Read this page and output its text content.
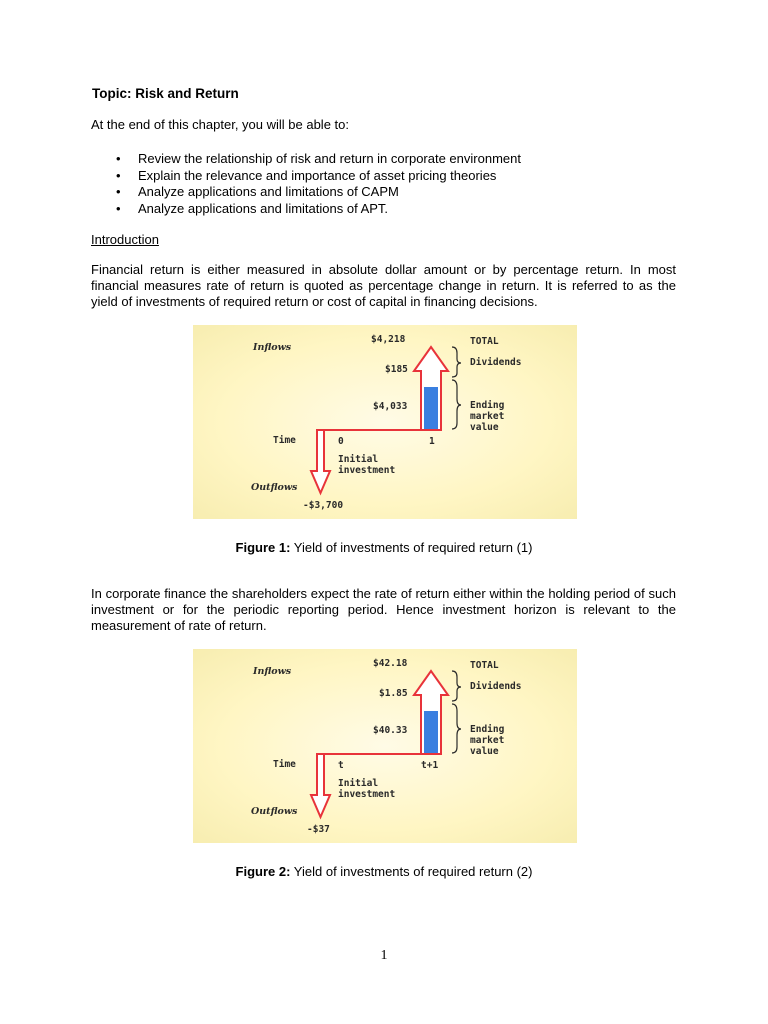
Topic: Risk and Return
At the end of this chapter, you will be able to:
• Review the relationship of risk and return in corporate environment
• Explain the relevance and importance of asset pricing theories
• Analyze applications and limitations of CAPM
• Analyze applications and limitations of APT.
Introduction
Financial return is either measured in absolute dollar amount or by percentage return. In most financial measures rate of return is quoted as percentage change in return. It is referred to as the yield of investments of required return or cost of capital in financing decisions.
Inflows
Outflows
Time
$4,218	TOTAL
$185
Dividends
$4,033	Ending
market
value
0	1
Initial
investment
-$3,700
Figure 1: Yield of investments of required return (1)
In corporate finance the shareholders expect the rate of return either within the holding period of such investment or for the periodic reporting period. Hence investment horizon is relevant to the measurement of rate of return.
Inflows
Outflows
Time
$42.18	TOTAL
$1.85
Dividends
$40.33	Ending
market
value
t	t+1
Initial
investment
-$37
Figure 2: Yield of investments of required return (2)
1
